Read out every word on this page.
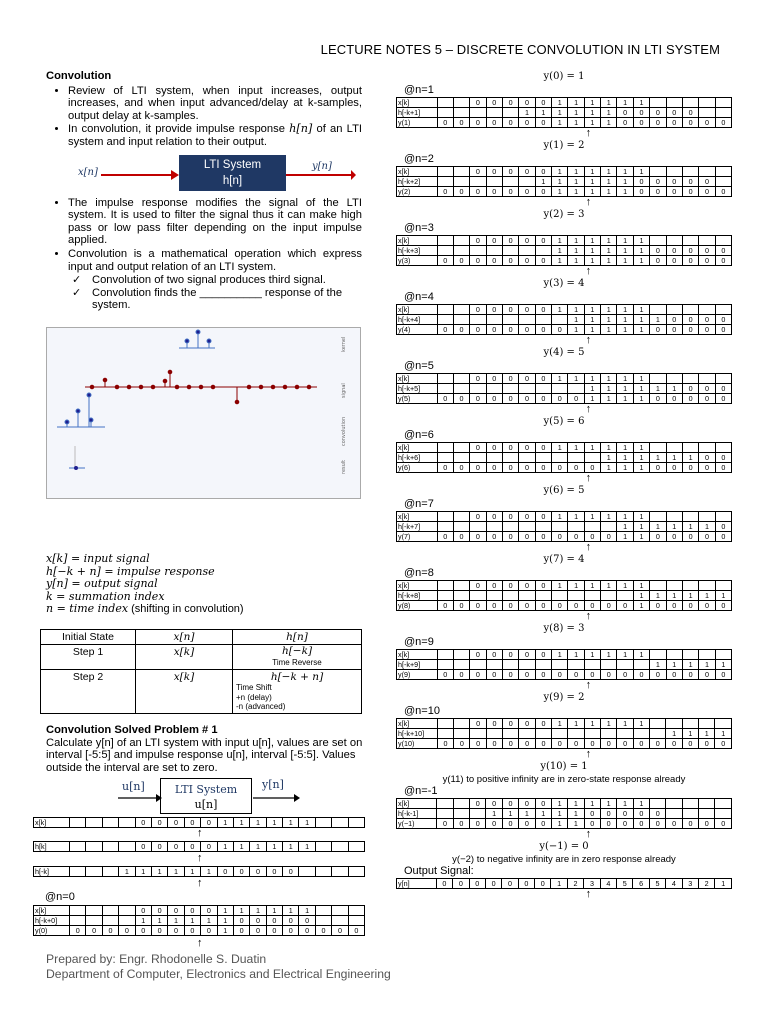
LECTURE NOTES 5 – DISCRETE CONVOLUTION IN LTI SYSTEM

Convolution

• Review of LTI system, when input increases, output increases, and when input advanced/delay at k-samples, output delay at k-samples.
• In convolution, it provide impulse response h[n] of an LTI system and input relation to their output.
x[n]
LTI System
h[n]
y[n]
• The impulse response modifies the signal of the LTI system. It is used to filter the signal thus it can make high pass or low pass filter depending on the input impulse applied.
• Convolution is a mathematical operation which express input and output relation of an LTI system.
✓ Convolution of two signal produces third signal.
✓ Convolution finds the __________ response of the system.

kernel
signal
convolution
result
x[k] = input signal
h[−k + n] = impulse response
y[n] = output signal
k = summation index
n = time index (shifting in convolution)
Initial State	x[n]	h[n]
Step 1	x[k]	h[−k]
Time Reverse

Step 2	x[k]	h[−k + n]
Time Shift
+n (delay)
-n (advanced)

Convolution Solved Problem # 1

Calculate y[n] of an LTI system with input u[n], values are set on interval [-5:5] and impulse response u[n], interval [-5:5]. Values outside the interval are set to zero.
u[n]	LTI System
u[n]
y[n]
x[k]					0	0	0	0	0	1	1	1	1	1	1			
↑
h[k]					0	0	0	0	0	1	1	1	1	1	1			
↑
h[-k]				1	1	1	1	1	1	0	0	0	0	0				
↑
@n=0
x[k]					0	0	0	0	0	1	1	1	1	1	1			
h[-k+0]					1	1	1	1	1	1	0	0	0	0	0			
y(0)	0	0	0	0	0	0	0	0	0	1	0	0	0	0	0	0	0	0
↑
y(0) = 1
@n=1
x[k]			0	0	0	0	0	1	1	1	1	1	1					
h[-k+1]						1	1	1	1	1	1	0	0	0	0	0		
y(1)	0	0	0	0	0	0	0	1	1	1	1	0	0	0	0	0	0	0
↑
y(1) = 2
@n=2
x[k]			0	0	0	0	0	1	1	1	1	1	1					
h[-k+2]							1	1	1	1	1	1	0	0	0	0	0	
y(2)	0	0	0	0	0	0	0	1	1	1	1	1	0	0	0	0	0	0
↑
y(2) = 3
@n=3
x[k]			0	0	0	0	0	1	1	1	1	1	1					
h[-k+3]								1	1	1	1	1	1	0	0	0	0	0
y(3)	0	0	0	0	0	0	0	1	1	1	1	1	1	0	0	0	0	0
↑
y(3) = 4
@n=4
x[k]			0	0	0	0	0	1	1	1	1	1	1					
h[-k+4]									1	1	1	1	1	1	0	0	0	0
y(4)	0	0	0	0	0	0	0	0	1	1	1	1	1	0	0	0	0	0
↑
y(4) = 5
@n=5
x[k]			0	0	0	0	0	1	1	1	1	1	1					
h[-k+5]										1	1	1	1	1	1	0	0	0
y(5)	0	0	0	0	0	0	0	0	0	1	1	1	1	0	0	0	0	0
↑
y(5) = 6
@n=6
x[k]			0	0	0	0	0	1	1	1	1	1	1					
h[-k+6]											1	1	1	1	1	1	0	0
y(6)	0	0	0	0	0	0	0	0	0	0	1	1	1	0	0	0	0	0
↑
y(6) = 5
@n=7
x[k]			0	0	0	0	0	1	1	1	1	1	1					
h[-k+7]												1	1	1	1	1	1	0
y(7)	0	0	0	0	0	0	0	0	0	0	0	1	1	0	0	0	0	0
↑
y(7) = 4
@n=8
x[k]			0	0	0	0	0	1	1	1	1	1	1					
h[-k+8]													1	1	1	1	1	1
y(8)	0	0	0	0	0	0	0	0	0	0	0	0	1	0	0	0	0	0
↑
y(8) = 3
@n=9
x[k]			0	0	0	0	0	1	1	1	1	1	1					
h[-k+9]														1	1	1	1	1
y(9)	0	0	0	0	0	0	0	0	0	0	0	0	0	0	0	0	0	0
↑
y(9) = 2
@n=10
x[k]			0	0	0	0	0	1	1	1	1	1	1					
h[-k+10]															1	1	1	1
y(10)	0	0	0	0	0	0	0	0	0	0	0	0	0	0	0	0	0	0
↑
y(10) = 1
y(11) to positive infinity are in zero-state response already
@n=-1
x[k]			0	0	0	0	0	1	1	1	1	1	1					
h[-k-1]				1	1	1	1	1	1	0	0	0	0	0				
y(−1)	0	0	0	0	0	0	0	1	1	0	0	0	0	0	0	0	0	0
↑
y(−1) = 0
y(−2) to negative infinity are in zero response already
Output Signal:
y[n]	0	0	0	0	0	0	0	1	2	3	4	5	6	5	4	3	2	1
↑
Prepared by: Engr. Rhodonelle S. Duatin
Department of Computer, Electronics and Electrical Engineering
